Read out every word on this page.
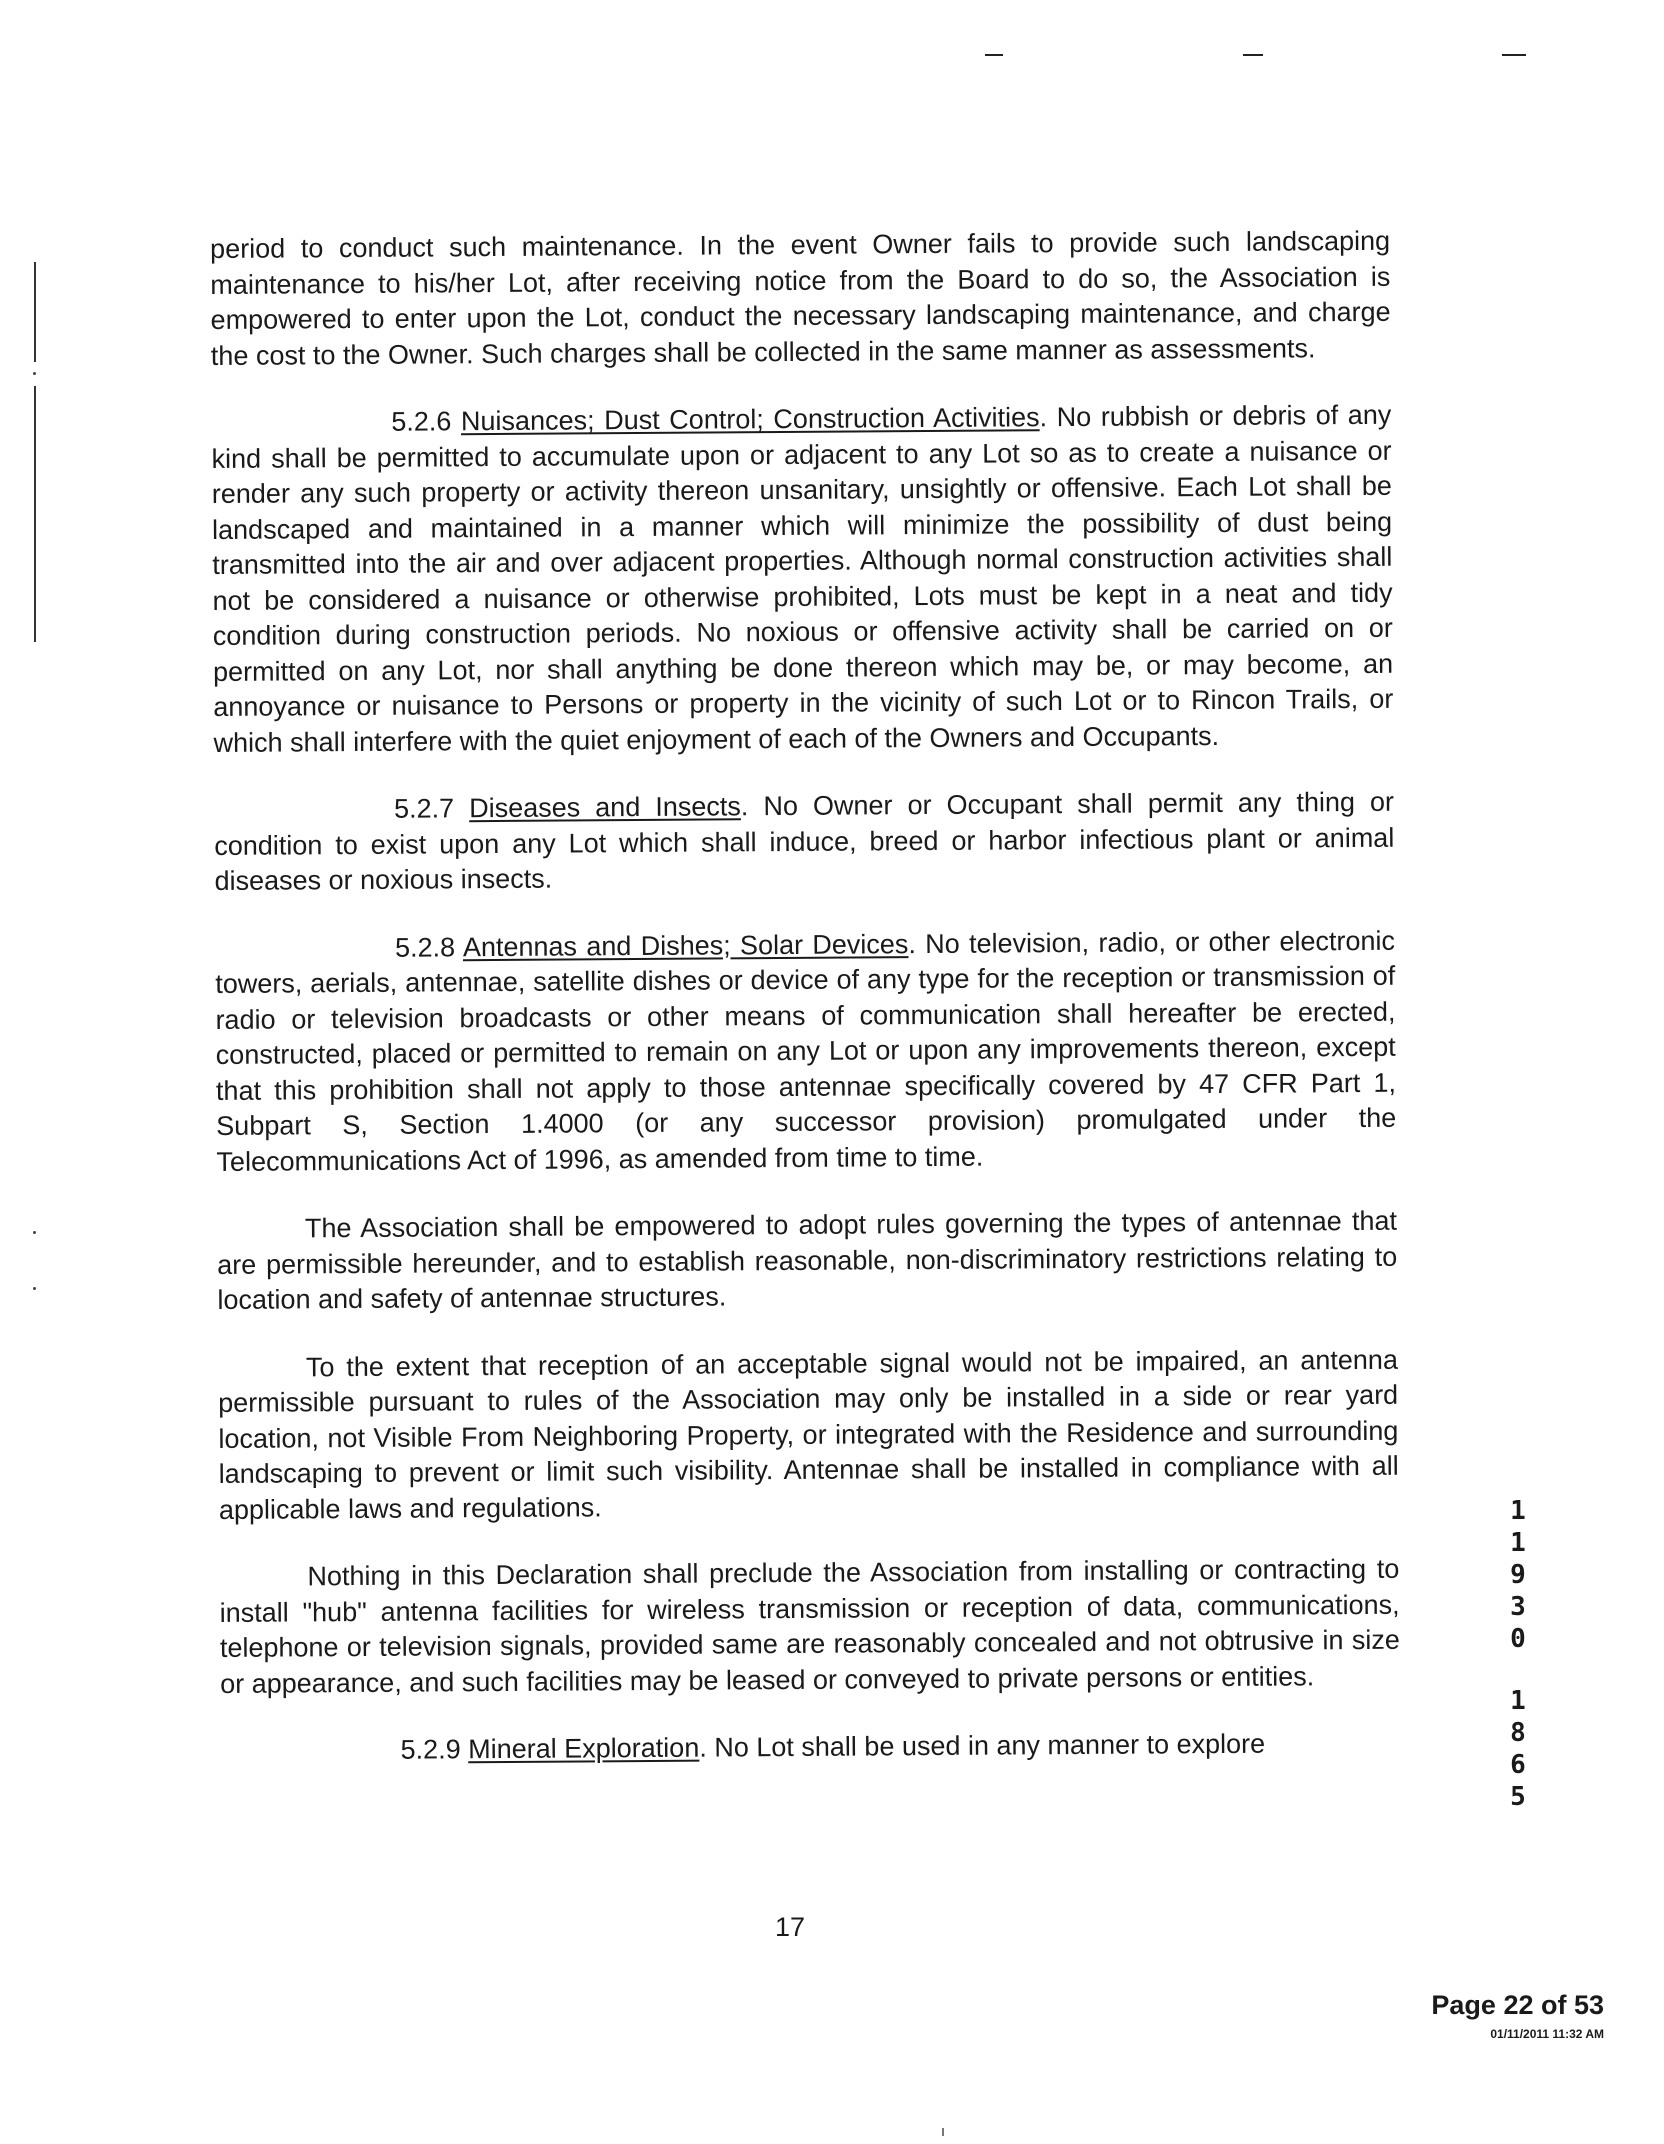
period to conduct such maintenance. In the event Owner fails to provide such landscaping maintenance to his/her Lot, after receiving notice from the Board to do so, the Association is empowered to enter upon the Lot, conduct the necessary landscaping maintenance, and charge the cost to the Owner. Such charges shall be collected in the same manner as assessments.

5.2.6 Nuisances; Dust Control; Construction Activities. No rubbish or debris of any kind shall be permitted to accumulate upon or adjacent to any Lot so as to create a nuisance or render any such property or activity thereon unsanitary, unsightly or offensive. Each Lot shall be landscaped and maintained in a manner which will minimize the possibility of dust being transmitted into the air and over adjacent properties. Although normal construction activities shall not be considered a nuisance or otherwise prohibited, Lots must be kept in a neat and tidy condition during construction periods. No noxious or offensive activity shall be carried on or permitted on any Lot, nor shall anything be done thereon which may be, or may become, an annoyance or nuisance to Persons or property in the vicinity of such Lot or to Rincon Trails, or which shall interfere with the quiet enjoyment of each of the Owners and Occupants.

5.2.7 Diseases and Insects. No Owner or Occupant shall permit any thing or condition to exist upon any Lot which shall induce, breed or harbor infectious plant or animal diseases or noxious insects.

5.2.8 Antennas and Dishes; Solar Devices. No television, radio, or other electronic towers, aerials, antennae, satellite dishes or device of any type for the reception or transmission of radio or television broadcasts or other means of communication shall hereafter be erected, constructed, placed or permitted to remain on any Lot or upon any improvements thereon, except that this prohibition shall not apply to those antennae specifically covered by 47 CFR Part 1, Subpart S, Section 1.4000 (or any successor provision) promulgated under the Telecommunications Act of 1996, as amended from time to time.

The Association shall be empowered to adopt rules governing the types of antennae that are permissible hereunder, and to establish reasonable, non-discriminatory restrictions relating to location and safety of antennae structures.

To the extent that reception of an acceptable signal would not be impaired, an antenna permissible pursuant to rules of the Association may only be installed in a side or rear yard location, not Visible From Neighboring Property, or integrated with the Residence and surrounding landscaping to prevent or limit such visibility. Antennae shall be installed in compliance with all applicable laws and regulations.

Nothing in this Declaration shall preclude the Association from installing or contracting to install "hub" antenna facilities for wireless transmission or reception of data, communications, telephone or television signals, provided same are reasonably concealed and not obtrusive in size or appearance, and such facilities may be leased or conveyed to private persons or entities.

5.2.9 Mineral Exploration. No Lot shall be used in any manner to explore

17
1
1
9
3
0
1
8
6
5
Page 22 of 53
01/11/2011 11:32 AM
